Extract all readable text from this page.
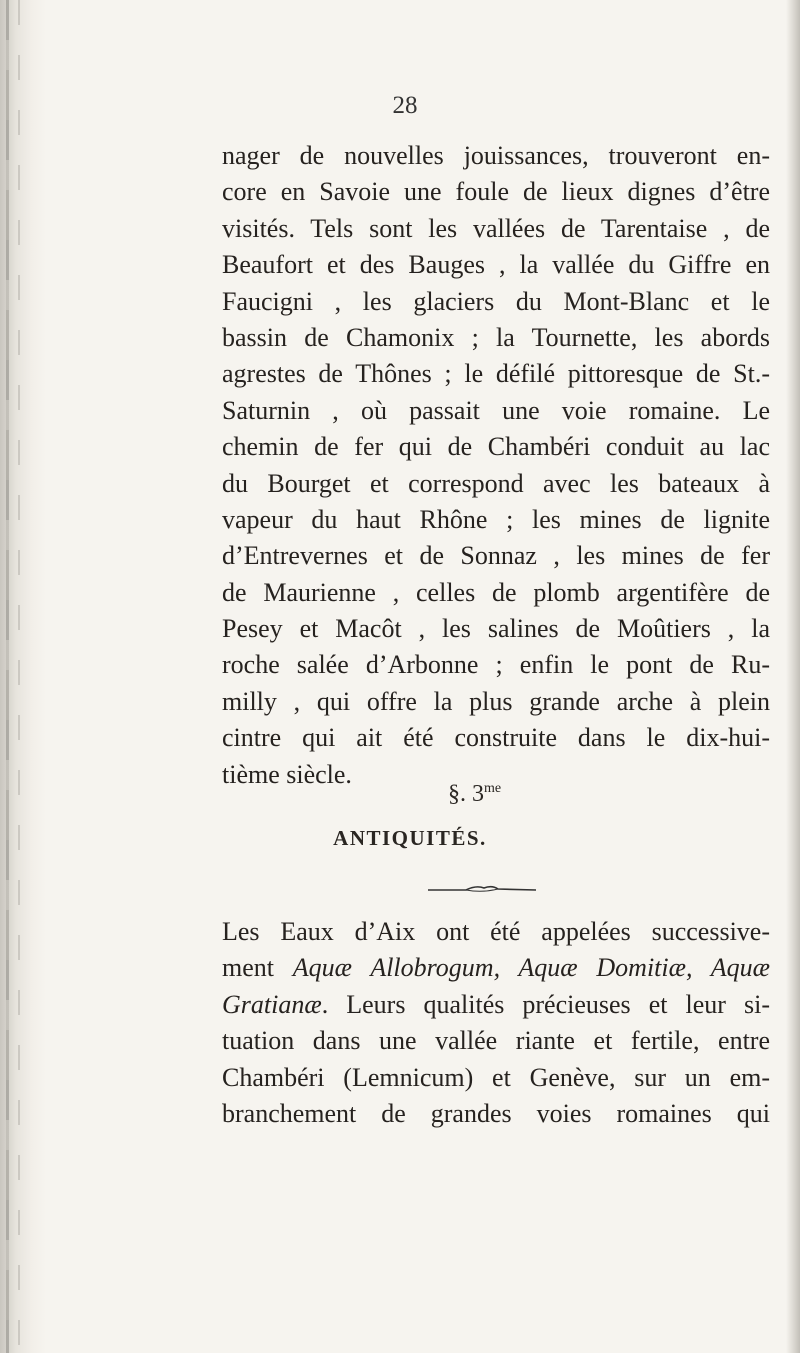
28
nager de nouvelles jouissances, trouveront en-
core en Savoie une foule de lieux dignes d’être
visités. Tels sont les vallées de Tarentaise , de
Beaufort et des Bauges , la vallée du Giffre en
Faucigni , les glaciers du Mont-Blanc et le
bassin de Chamonix ; la Tournette, les abords
agrestes de Thônes ; le défilé pittoresque de St.-
Saturnin , où passait une voie romaine. Le
chemin de fer qui de Chambéri conduit au lac
du Bourget et correspond avec les bateaux à
vapeur du haut Rhône ; les mines de lignite
d’Entrevernes et de Sonnaz , les mines de fer
de Maurienne , celles de plomb argentifère de
Pesey et Macôt , les salines de Moûtiers , la
roche salée d’Arbonne ; enfin le pont de Ru-
milly , qui offre la plus grande arche à plein
cintre qui ait été construite dans le dix-hui-
tième siècle.
§. $3^{me}$
ANTIQUITÉS.
Les Eaux d’Aix ont été appelées successive-
ment Aquæ Allobrogum, Aquæ Domitiæ, Aquæ
Gratianæ. Leurs qualités précieuses et leur si-
tuation dans une vallée riante et fertile, entre
Chambéri (Lemnicum) et Genève, sur un em-
branchement de grandes voies romaines qui
